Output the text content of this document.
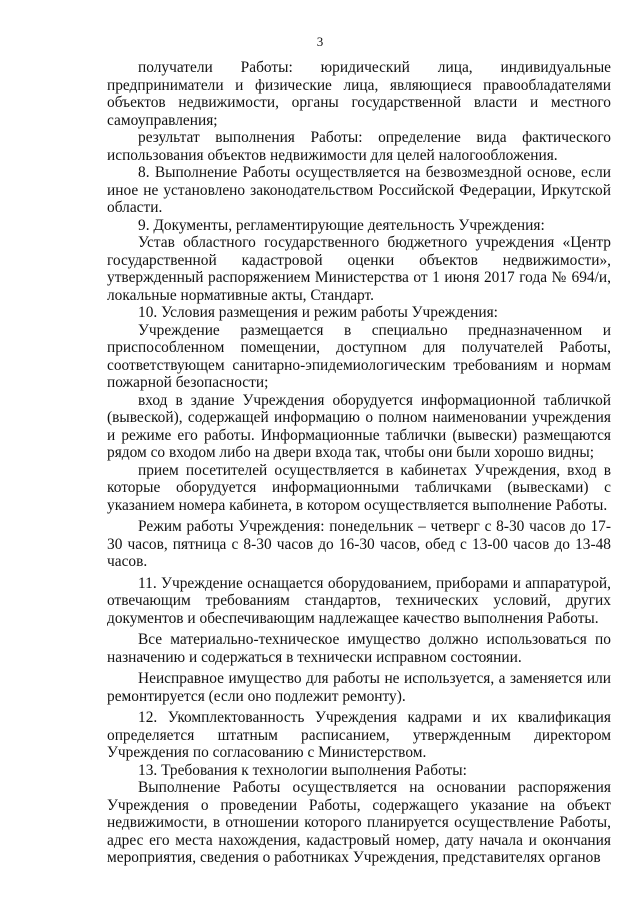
3

получатели Работы: юридический лица, индивидуальные предприниматели и физические лица, являющиеся правообладателями объектов недвижимости, органы государственной власти и местного самоуправления;

результат выполнения Работы: определение вида фактического использования объектов недвижимости для целей налогообложения.

8. Выполнение Работы осуществляется на безвозмездной основе, если иное не установлено законодательством Российской Федерации, Иркутской области.

9. Документы, регламентирующие деятельность Учреждения:

Устав областного государственного бюджетного учреждения «Центр государственной кадастровой оценки объектов недвижимости», утвержденный распоряжением Министерства от 1 июня 2017 года № 694/и, локальные нормативные акты, Стандарт.

10. Условия размещения и режим работы Учреждения:

Учреждение размещается в специально предназначенном и приспособленном помещении, доступном для получателей Работы, соответствующем санитарно-эпидемиологическим требованиям и нормам пожарной безопасности;

вход в здание Учреждения оборудуется информационной табличкой (вывеской), содержащей информацию о полном наименовании учреждения и режиме его работы. Информационные таблички (вывески) размещаются рядом со входом либо на двери входа так, чтобы они были хорошо видны;

прием посетителей осуществляется в кабинетах Учреждения, вход в которые оборудуется информационными табличками (вывесками) с указанием номера кабинета, в котором осуществляется выполнение Работы.

Режим работы Учреждения: понедельник – четверг с 8-30 часов до 17-30 часов, пятница с 8-30 часов до 16-30 часов, обед с 13-00 часов до 13-48 часов.

11. Учреждение оснащается оборудованием, приборами и аппаратурой, отвечающим требованиям стандартов, технических условий, других документов и обеспечивающим надлежащее качество выполнения Работы.

Все материально-техническое имущество должно использоваться по назначению и содержаться в технически исправном состоянии.

Неисправное имущество для работы не используется, а заменяется или ремонтируется (если оно подлежит ремонту).

12. Укомплектованность Учреждения кадрами и их квалификация определяется штатным расписанием, утвержденным директором Учреждения по согласованию с Министерством.

13. Требования к технологии выполнения Работы:

Выполнение Работы осуществляется на основании распоряжения Учреждения о проведении Работы, содержащего указание на объект недвижимости, в отношении которого планируется осуществление Работы, адрес его места нахождения, кадастровый номер, дату начала и окончания мероприятия, сведения о работниках Учреждения, представителях органов
